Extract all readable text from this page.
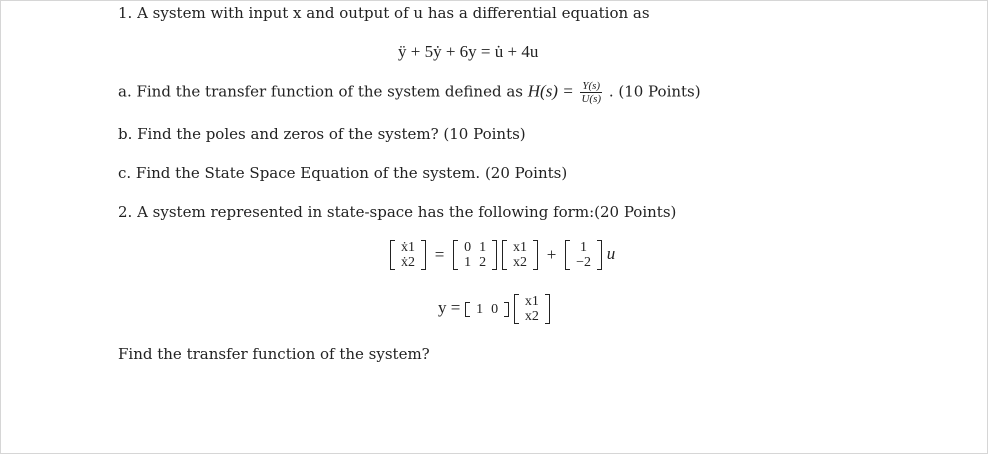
1. A system with input x and output of u has a differential equation as
ÿ + 5ẏ + 6y = u̇ + 4u
a. Find the transfer function of the system defined as $H(s) = \frac{Y(s)}{U(s)}$ . (10 Points)
b. Find the poles and zeros of the system? (10 Points)
c. Find the State Space Equation of the system. (20 Points)
2. A system represented in state-space has the following form:(20 Points)
ẋ1
ẋ2 = 0
1
1
2

x1
x2 + 1
−2 u
y = 1 0
x1
x2
Find the transfer function of the system?
